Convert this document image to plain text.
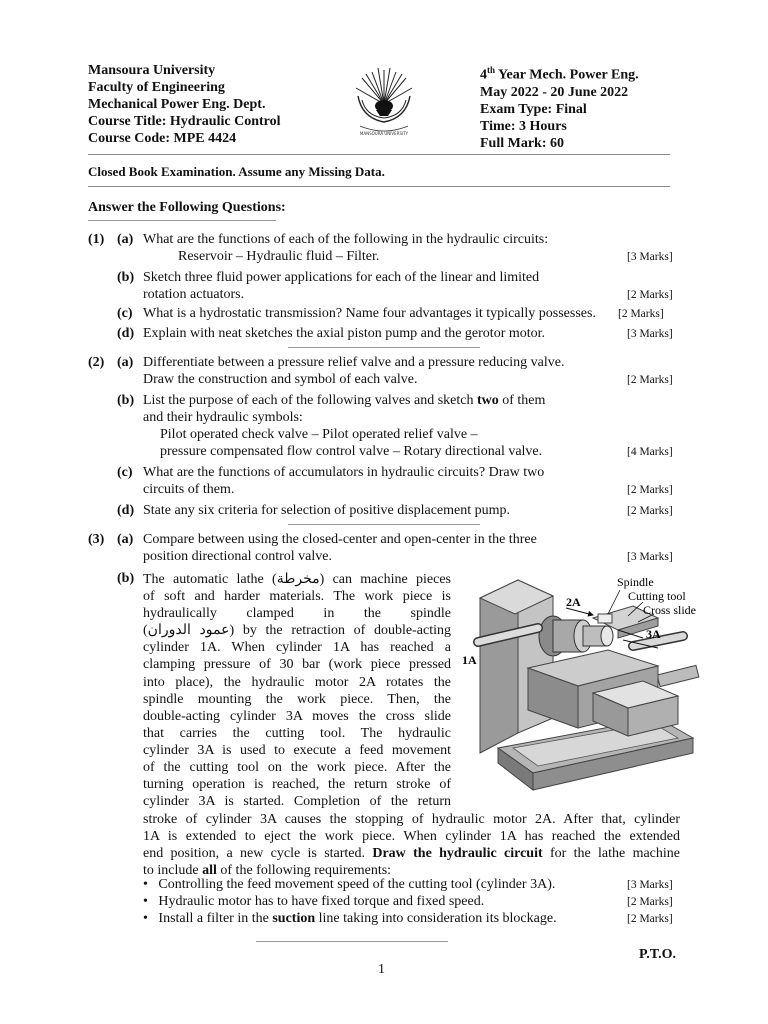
Mansoura University
Faculty of Engineering
Mechanical Power Eng. Dept.
Course Title: Hydraulic Control
Course Code: MPE 4424	MANSOURA UNIVERSITY
4th Year Mech. Power Eng.
May 2022 - 20 June 2022
Exam Type: Final
Time: 3 Hours
Full Mark: 60
Closed Book Examination. Assume any Missing Data.
Answer the Following Questions:
(1) (a) What are the functions of each of the following in the hydraulic circuits:
Reservoir – Hydraulic fluid – Filter.	[3 Marks]
(b) Sketch three fluid power applications for each of the linear and limited
rotation actuators.	[2 Marks]
(c) What is a hydrostatic transmission? Name four advantages it typically possesses. [2 Marks]
(d) Explain with neat sketches the axial piston pump and the gerotor motor.	[3 Marks]
(2) (a) Differentiate between a pressure relief valve and a pressure reducing valve.
Draw the construction and symbol of each valve.	[2 Marks]
(b) List the purpose of each of the following valves and sketch two of them
and their hydraulic symbols:
Pilot operated check valve – Pilot operated relief valve –
pressure compensated flow control valve – Rotary directional valve.	[4 Marks]
(c) What are the functions of accumulators in hydraulic circuits? Draw two
circuits of them.	[2 Marks]
(d) State any six criteria for selection of positive displacement pump.	[2 Marks]
(3) (a) Compare between using the closed-center and open-center in the three
position directional control valve.	[3 Marks]
(b) The automatic lathe (مخرطة) can machine pieces
of soft and harder materials. The work piece is
hydraulically clamped in the spindle
(عمود الدوران) by the retraction of double-acting
cylinder 1A. When cylinder 1A has reached a
clamping pressure of 30 bar (work piece pressed
into place), the hydraulic motor 2A rotates the
spindle mounting the work piece. Then, the
double-acting cylinder 3A moves the cross slide
that carries the cutting tool. The hydraulic
cylinder 3A is used to execute a feed movement
of the cutting tool on the work piece. After the
turning operation is reached, the return stroke of
cylinder 3A is started. Completion of the return
Spindle
Cutting tool
Cross slide
2A
3A
1A
stroke of cylinder 3A causes the stopping of hydraulic motor 2A. After that, cylinder
1A is extended to eject the work piece. When cylinder 1A has reached the extended
end position, a new cycle is started. Draw the hydraulic circuit for the lathe machine
to include all of the following requirements:
•   Controlling the feed movement speed of the cutting tool (cylinder 3A).	[3 Marks]
•   Hydraulic motor has to have fixed torque and fixed speed.	[2 Marks]
•   Install a filter in the suction line taking into consideration its blockage.	[2 Marks]
P.T.O.
1
